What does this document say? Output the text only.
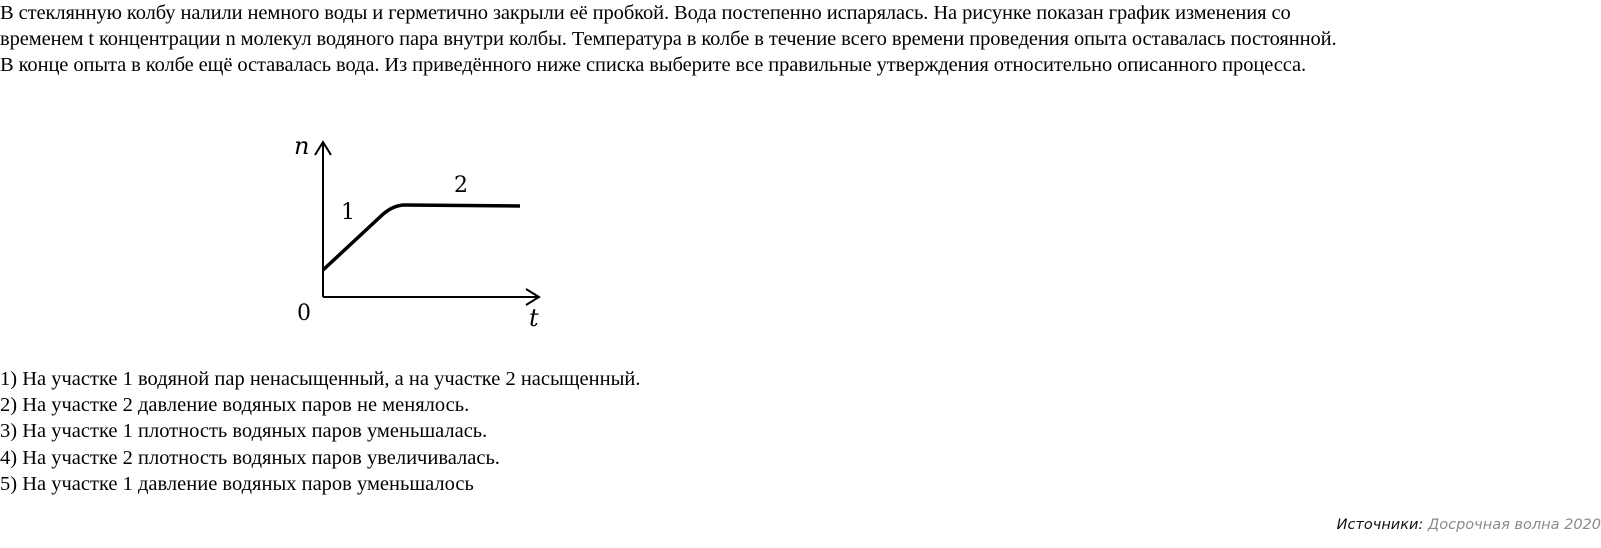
В стеклянную колбу налили немного воды и герметично закрыли её пробкой. Вода постепенно испарялась. На рисунке показан график изменения со

временем t концентрации n молекул водяного пара внутри колбы. Температура в колбе в течение всего времени проведения опыта оставалась постоянной.

В конце опыта в колбе ещё оставалась вода. Из приведённого ниже списка выберите все правильные утверждения относительно описанного процесса.

n
t
0
1
2
1) На участке 1 водяной пар ненасыщенный, а на участке 2 насыщенный.
2) На участке 2 давление водяных паров не менялось.
3) На участке 1 плотность водяных паров уменьшалась.
4) На участке 2 плотность водяных паров увеличивалась.
5) На участке 1 давление водяных паров уменьшалось
Источники: Досрочная волна 2020
